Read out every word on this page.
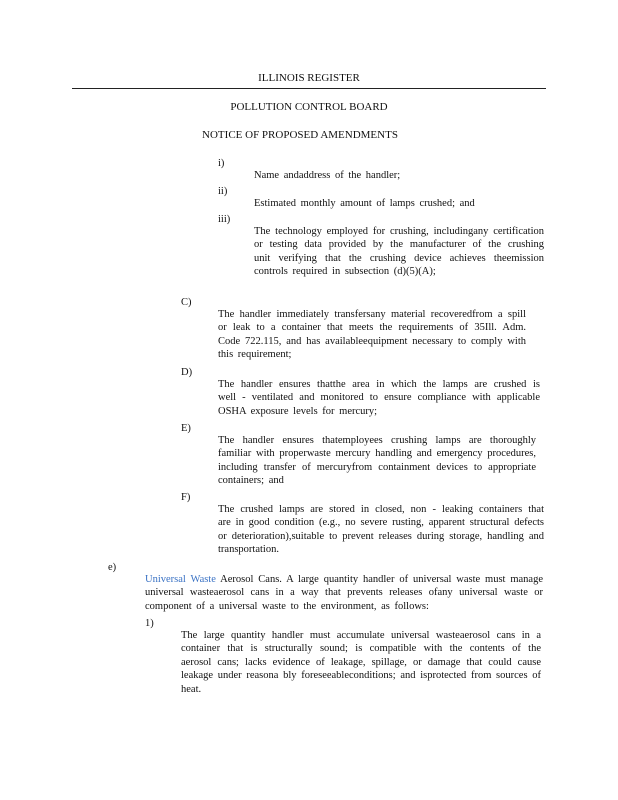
ILLINOIS REGISTER

POLLUTION CONTROL BOARD

NOTICE OF PROPOSED AMENDMENTS

i)

Name andaddress of the handler;

ii)

Estimated monthly amount of lamps crushed; and

iii)

The technology employed for crushing, includingany certification or testing data provided by the manufacturer of the crushing unit verifying that the crushing device achieves theemission controls required in subsection (d)(5)(A);

C)

The handler immediately transfersany material recoveredfrom a spill or leak to a container that meets the requirements of 35Ill. Adm. Code 722.115, and has availableequipment necessary to comply with this requirement;

D)

The handler ensures thatthe area in which the lamps are crushed is well - ventilated and monitored to ensure compliance with applicable OSHA exposure levels for mercury;

E)

The handler ensures thatemployees crushing lamps are thoroughly familiar with properwaste mercury handling and emergency procedures, including transfer of mercuryfrom containment devices to appropriate containers; and

F)

The crushed lamps are stored in closed, non - leaking containers that are in good condition (e.g., no severe rusting, apparent structural defects or deterioration),suitable to prevent releases during storage, handling and transportation.

e)

Universal Waste Aerosol Cans. A large quantity handler of universal waste must manage universal wasteaerosol cans in a way that prevents releases ofany universal waste or component of a universal waste to the environment, as follows:

1)

The large quantity handler must accumulate universal wasteaerosol cans in a container that is structurally sound; is compatible with the contents of the aerosol cans; lacks evidence of leakage, spillage, or damage that could cause leakage under reasona bly foreseeableconditions; and isprotected from sources of heat.
